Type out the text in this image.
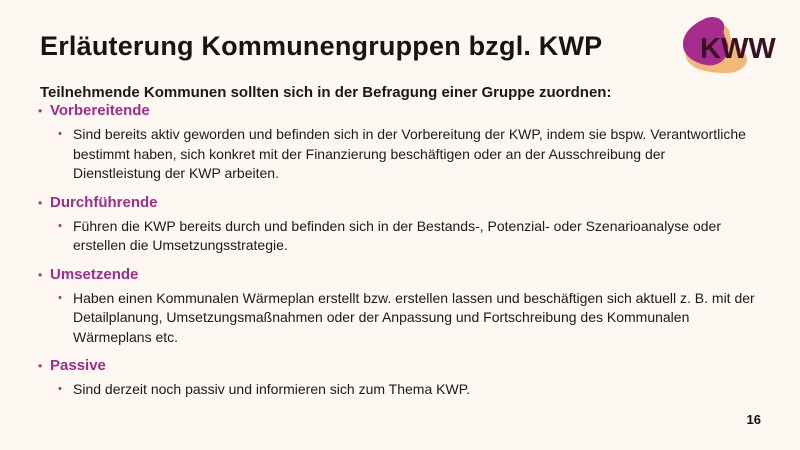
Erläuterung Kommunengruppen bzgl. KWP	KWW
Teilnehmende Kommunen sollten sich in der Befragung einer Gruppe zuordnen:
• Vorbereitende
• Sind bereits aktiv geworden und befinden sich in der Vorbereitung der KWP, indem sie bspw. Verantwortliche bestimmt haben, sich konkret mit der Finanzierung beschäftigen oder an der Ausschreibung der Dienstleistung der KWP arbeiten.
• Durchführende
• Führen die KWP bereits durch und befinden sich in der Bestands-, Potenzial- oder Szenarioanalyse oder erstellen die Umsetzungsstrategie.
• Umsetzende
• Haben einen Kommunalen Wärmeplan erstellt bzw. erstellen lassen und beschäftigen sich aktuell z. B. mit der Detailplanung, Umsetzungsmaßnahmen oder der Anpassung und Fortschreibung des Kommunalen Wärmeplans etc.
• Passive
• Sind derzeit noch passiv und informieren sich zum Thema KWP.
16
